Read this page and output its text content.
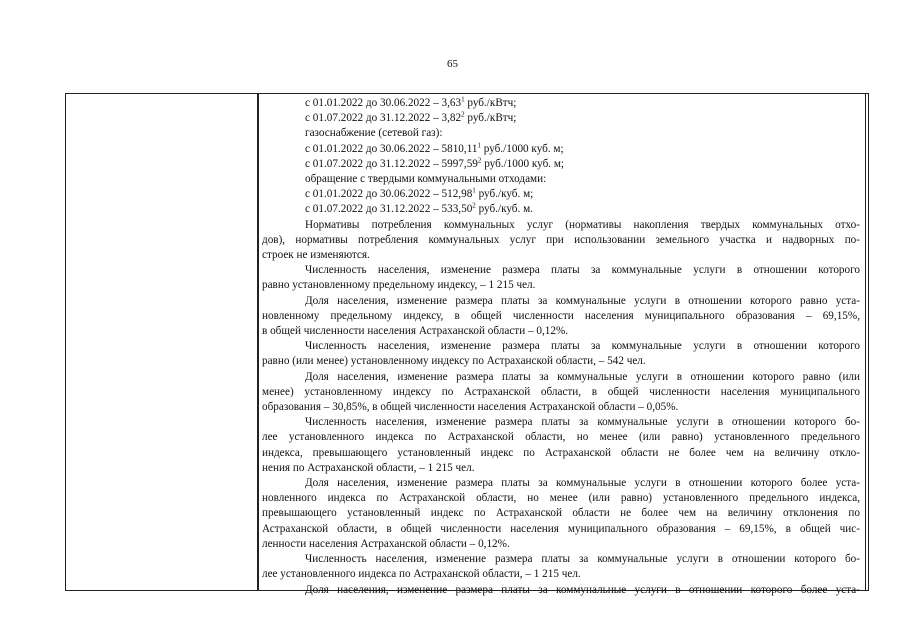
65
с 01.01.2022 до 30.06.2022 – 3,63$^1$ руб./кВтч;
с 01.07.2022 до 31.12.2022 – 3,82$^2$ руб./кВтч;
газоснабжение (сетевой газ):
с 01.01.2022 до 30.06.2022 – 5810,11$^1$ руб./1000 куб. м;
с 01.07.2022 до 31.12.2022 – 5997,59$^2$ руб./1000 куб. м;
обращение с твердыми коммунальными отходами:
с 01.01.2022 до 30.06.2022 – 512,98$^1$ руб./куб. м;
с 01.07.2022 до 31.12.2022 – 533,50$^2$ руб./куб. м.
Нормативы потребления коммунальных услуг (нормативы накопления твердых коммунальных отхо-
дов), нормативы потребления коммунальных услуг при использовании земельного участка и надворных по-
строек не изменяются.
Численность населения, изменение размера платы за коммунальные услуги в отношении которого
равно установленному предельному индексу, – 1 215 чел.
Доля населения, изменение размера платы за коммунальные услуги в отношении которого равно уста-
новленному предельному индексу, в общей численности населения муниципального образования – 69,15%,
в общей численности населения Астраханской области – 0,12%.
Численность населения, изменение размера платы за коммунальные услуги в отношении которого
равно (или менее) установленному индексу по Астраханской области, – 542 чел.
Доля населения, изменение размера платы за коммунальные услуги в отношении которого равно (или
менее) установленному индексу по Астраханской области, в общей численности населения муниципального
образования – 30,85%, в общей численности населения Астраханской области – 0,05%.
Численность населения, изменение размера платы за коммунальные услуги в отношении которого бо-
лее установленного индекса по Астраханской области, но менее (или равно) установленного предельного
индекса, превышающего установленный индекс по Астраханской области не более чем на величину откло-
нения по Астраханской области, – 1 215 чел.
Доля населения, изменение размера платы за коммунальные услуги в отношении которого более уста-
новленного индекса по Астраханской области, но менее (или равно) установленного предельного индекса,
превышающего установленный индекс по Астраханской области не более чем на величину отклонения по
Астраханской области, в общей численности населения муниципального образования – 69,15%, в общей чис-
ленности населения Астраханской области – 0,12%.
Численность населения, изменение размера платы за коммунальные услуги в отношении которого бо-
лее установленного индекса по Астраханской области, – 1 215 чел.
Доля населения, изменение размера платы за коммунальные услуги в отношении которого более уста-
